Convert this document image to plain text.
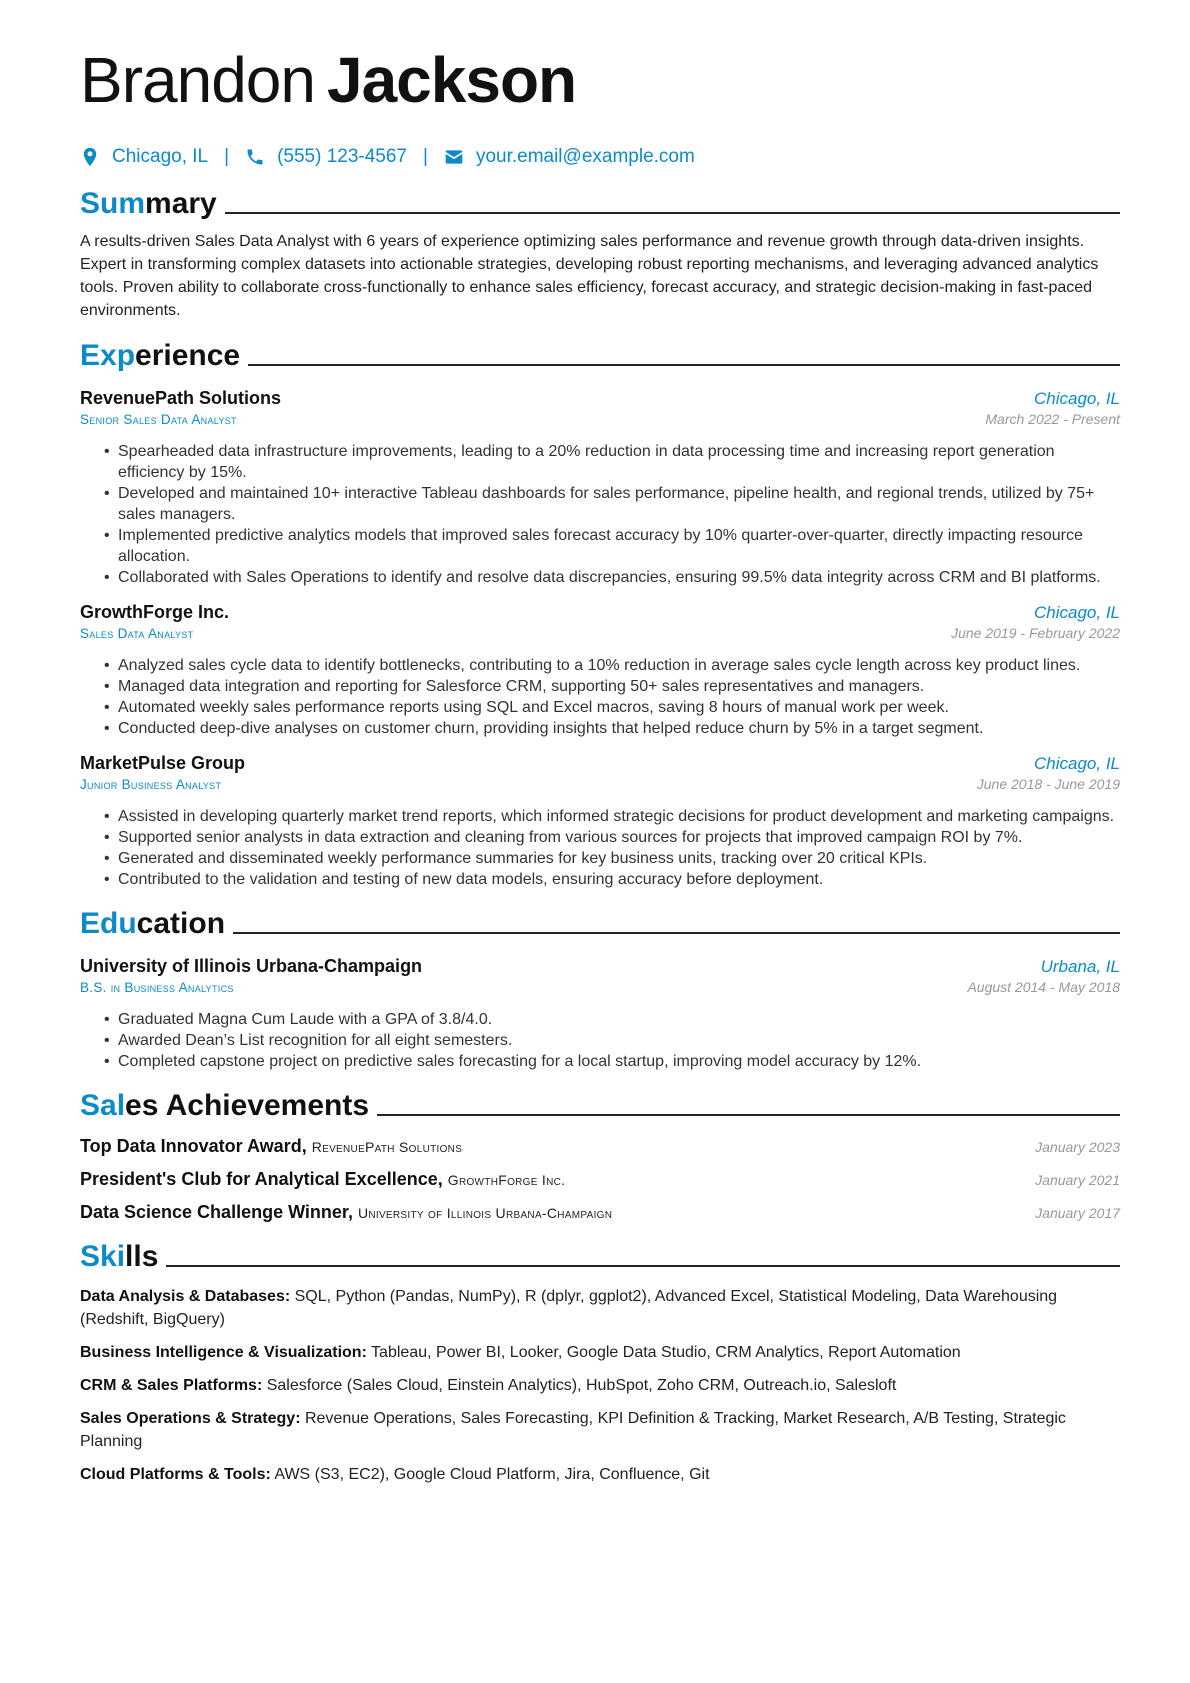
Brandon Jackson
Chicago, IL |	(555) 123-4567 |	your.email@example.com
Summary
A results-driven Sales Data Analyst with 6 years of experience optimizing sales performance and revenue growth through data-driven insights. Expert in transforming complex datasets into actionable strategies, developing robust reporting mechanisms, and leveraging advanced analytics tools. Proven ability to collaborate cross-functionally to enhance sales efficiency, forecast accuracy, and strategic decision-making in fast-paced environments.
Experience
RevenuePath Solutions	Chicago, IL
Senior Sales Data Analyst	March 2022 - Present
• Spearheaded data infrastructure improvements, leading to a 20% reduction in data processing time and increasing report generation efficiency by 15%.
• Developed and maintained 10+ interactive Tableau dashboards for sales performance, pipeline health, and regional trends, utilized by 75+ sales managers.
• Implemented predictive analytics models that improved sales forecast accuracy by 10% quarter-over-quarter, directly impacting resource allocation.
• Collaborated with Sales Operations to identify and resolve data discrepancies, ensuring 99.5% data integrity across CRM and BI platforms.
GrowthForge Inc.	Chicago, IL
Sales Data Analyst	June 2019 - February 2022
• Analyzed sales cycle data to identify bottlenecks, contributing to a 10% reduction in average sales cycle length across key product lines.
• Managed data integration and reporting for Salesforce CRM, supporting 50+ sales representatives and managers.
• Automated weekly sales performance reports using SQL and Excel macros, saving 8 hours of manual work per week.
• Conducted deep-dive analyses on customer churn, providing insights that helped reduce churn by 5% in a target segment.
MarketPulse Group	Chicago, IL
Junior Business Analyst	June 2018 - June 2019
• Assisted in developing quarterly market trend reports, which informed strategic decisions for product development and marketing campaigns.
• Supported senior analysts in data extraction and cleaning from various sources for projects that improved campaign ROI by 7%.
• Generated and disseminated weekly performance summaries for key business units, tracking over 20 critical KPIs.
• Contributed to the validation and testing of new data models, ensuring accuracy before deployment.
Education
University of Illinois Urbana-Champaign	Urbana, IL
B.S. in Business Analytics	August 2014 - May 2018
• Graduated Magna Cum Laude with a GPA of 3.8/4.0.
• Awarded Dean’s List recognition for all eight semesters.
• Completed capstone project on predictive sales forecasting for a local startup, improving model accuracy by 12%.
Sales Achievements
Top Data Innovator Award, RevenuePath Solutions	January 2023
President's Club for Analytical Excellence, GrowthForge Inc.	January 2021
Data Science Challenge Winner, University of Illinois Urbana-Champaign	January 2017
Skills
Data Analysis & Databases: SQL, Python (Pandas, NumPy), R (dplyr, ggplot2), Advanced Excel, Statistical Modeling, Data Warehousing (Redshift, BigQuery)
Business Intelligence & Visualization: Tableau, Power BI, Looker, Google Data Studio, CRM Analytics, Report Automation
CRM & Sales Platforms: Salesforce (Sales Cloud, Einstein Analytics), HubSpot, Zoho CRM, Outreach.io, Salesloft
Sales Operations & Strategy: Revenue Operations, Sales Forecasting, KPI Definition & Tracking, Market Research, A/B Testing, Strategic Planning
Cloud Platforms & Tools: AWS (S3, EC2), Google Cloud Platform, Jira, Confluence, Git
